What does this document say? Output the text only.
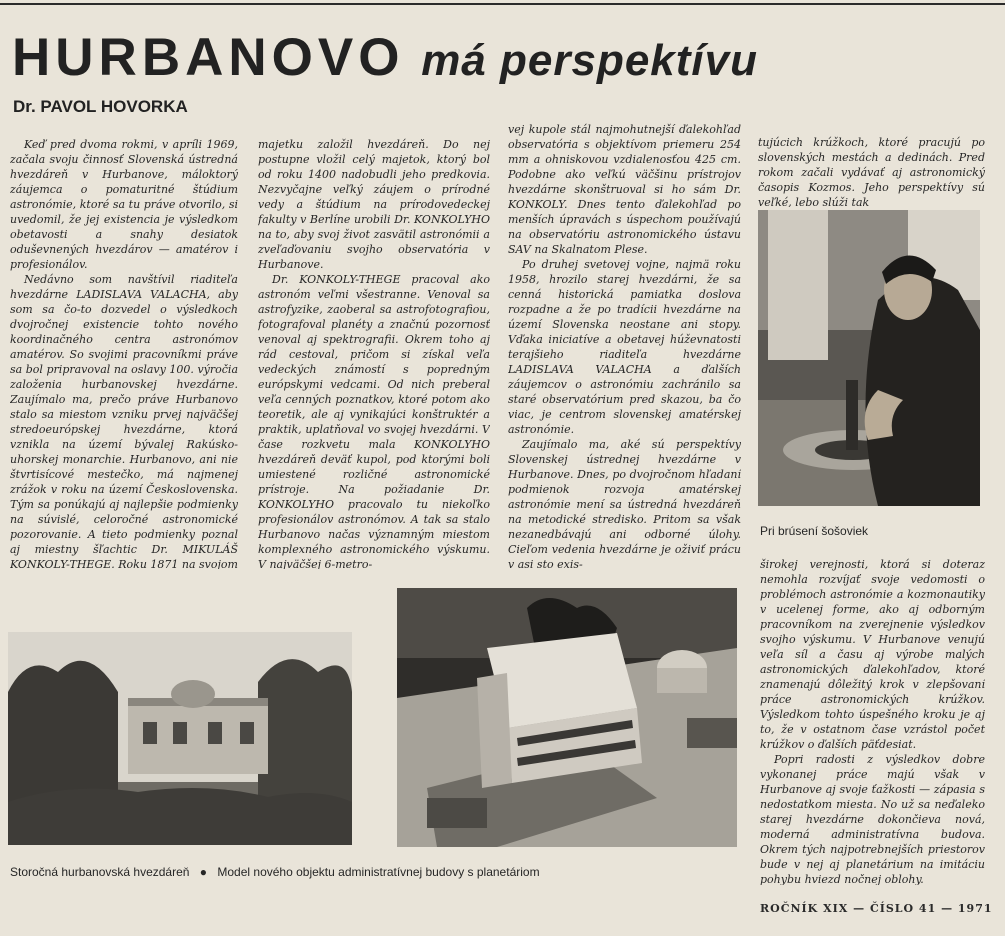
HURBANOVO má perspektívu
Dr. PAVOL HOVORKA

Keď pred dvoma rokmi, v apríli 1969, začala svoju činnosť Slovenská ústredná hvezdáreň v Hurbanove, máloktorý záujemca o pomaturitné štúdium astronómie, ktoré sa tu práve otvorilo, si uvedomil, že jej existencia je výsledkom obetavosti a snahy desiatok oduševnených hvezdárov — amatérov i profesionálov.

Nedávno som navštívil riaditeľa hvezdárne LADISLAVA VALACHA, aby som sa čo-to dozvedel o výsledkoch dvojročnej existencie tohto nového koordinačného centra astronómov amatérov. So svojimi pracovníkmi práve sa bol pripravoval na oslavy 100. výročia založenia hurbanovskej hvezdárne. Zaujímalo ma, prečo práve Hurbanovo stalo sa miestom vzniku prvej najväčšej stredoeurópskej hvezdárne, ktorá vznikla na území bývalej Rakúsko-uhorskej monarchie. Hurbanovo, ani nie štvrtisícové mestečko, má najmenej zrážok v roku na území Československa. Tým sa ponúkajú aj najlepšie podmienky na súvislé, celoročné astronomické pozorovanie. A tieto podmienky poznal aj miestny šľachtic Dr. MIKULÁŠ KONKOLY-THEGE. Roku 1871 na svojom

majetku založil hvezdáreň. Do nej postupne vložil celý majetok, ktorý bol od roku 1400 nadobudli jeho predkovia. Nezvyčajne veľký záujem o prírodné vedy a štúdium na prírodovedeckej fakulty v Berlíne urobili Dr. KONKOLYHO na to, aby svoj život zasvätil astronómii a zveľaďovaniu svojho observatória v Hurbanove.

Dr. KONKOLY-THEGE pracoval ako astronóm veľmi všestranne. Venoval sa astrofyzike, zaoberal sa astrofotografiou, fotografoval planéty a značnú pozornosť venoval aj spektrografii. Okrem toho aj rád cestoval, pričom si získal veľa vedeckých známostí s popredným európskymi vedcami. Od nich preberal veľa cenných poznatkov, ktoré potom ako teoretik, ale aj vynikajúci konštruktér a praktik, uplatňoval vo svojej hvezdárni. V čase rozkvetu mala KONKOLYHO hvezdáreň deväť kupol, pod ktorými boli umiestené rozličné astronomické prístroje. Na požiadanie Dr. KONKOLYHO pracovalo tu niekoľko profesionálov astronómov. A tak sa stalo Hurbanovo načas významným miestom komplexného astronomického výskumu. V najväčšej 6-metro-

vej kupole stál najmohutnejší ďalekohľad observatória s objektívom priemeru 254 mm a ohniskovou vzdialenosťou 425 cm. Podobne ako veľkú väčšinu prístrojov hvezdárne skonštruoval si ho sám Dr. KONKOLY. Dnes tento ďalekohľad po menších úpravách s úspechom používajú na observatóriu astronomického ústavu SAV na Skalnatom Plese.

Po druhej svetovej vojne, najmä roku 1958, hrozilo starej hvezdárni, že sa cenná historická pamiatka doslova rozpadne a že po tradícii hvezdárne na území Slovenska neostane ani stopy. Vďaka iniciatíve a obetavej húževnatosti terajšieho riaditeľa hvezdárne LADISLAVA VALACHA a ďalších záujemcov o astronómiu zachránilo sa staré observatórium pred skazou, ba čo viac, je centrom slovenskej amatérskej astronómie.

Zaujímalo ma, aké sú perspektívy Slovenskej ústrednej hvezdárne v Hurbanove. Dnes, po dvojročnom hľadaní podmienok rozvoja amatérskej astronómie mení sa ústredná hvezdáreň na metodické stredisko. Pritom sa však nezanedbávajú ani odborné úlohy. Cieľom vedenia hvezdárne je oživiť prácu v asi sto exis-

tujúcich krúžkoch, ktoré pracujú po slovenských mestách a dedinách. Pred rokom začali vydávať aj astronomický časopis Kozmos. Jeho perspektívy sú veľké, lebo slúži tak

Pri brúsení šošoviek

širokej verejnosti, ktorá si doteraz nemohla rozvíjať svoje vedomosti o problémoch astronómie a kozmonautiky v ucelenej forme, ako aj odborným pracovníkom na zverejnenie výsledkov svojho výskumu. V Hurbanove venujú veľa síl a času aj výrobe malých astronomických ďalekohľadov, ktoré znamenajú dôležitý krok v zlepšovaní práce astronomických krúžkov. Výsledkom tohto úspešného kroku je aj to, že v ostatnom čase vzrástol počet krúžkov o ďalších päťdesiat.

Popri radosti z výsledkov dobre vykonanej práce majú však v Hurbanove aj svoje ťažkosti — zápasia s nedostatkom miesta. No už sa neďaleko starej hvezdárne dokončieva nová, moderná administratívna budova. Okrem tých najpotrebnejších priestorov bude v nej aj planetárium na imitáciu pohybu hviezd nočnej oblohy.

Storočná hurbanovská hvezdáreň ● Model nového objektu administratívnej budovy s planetáriom
ROČNÍK XIX — ČÍSLO 41 — 1971
